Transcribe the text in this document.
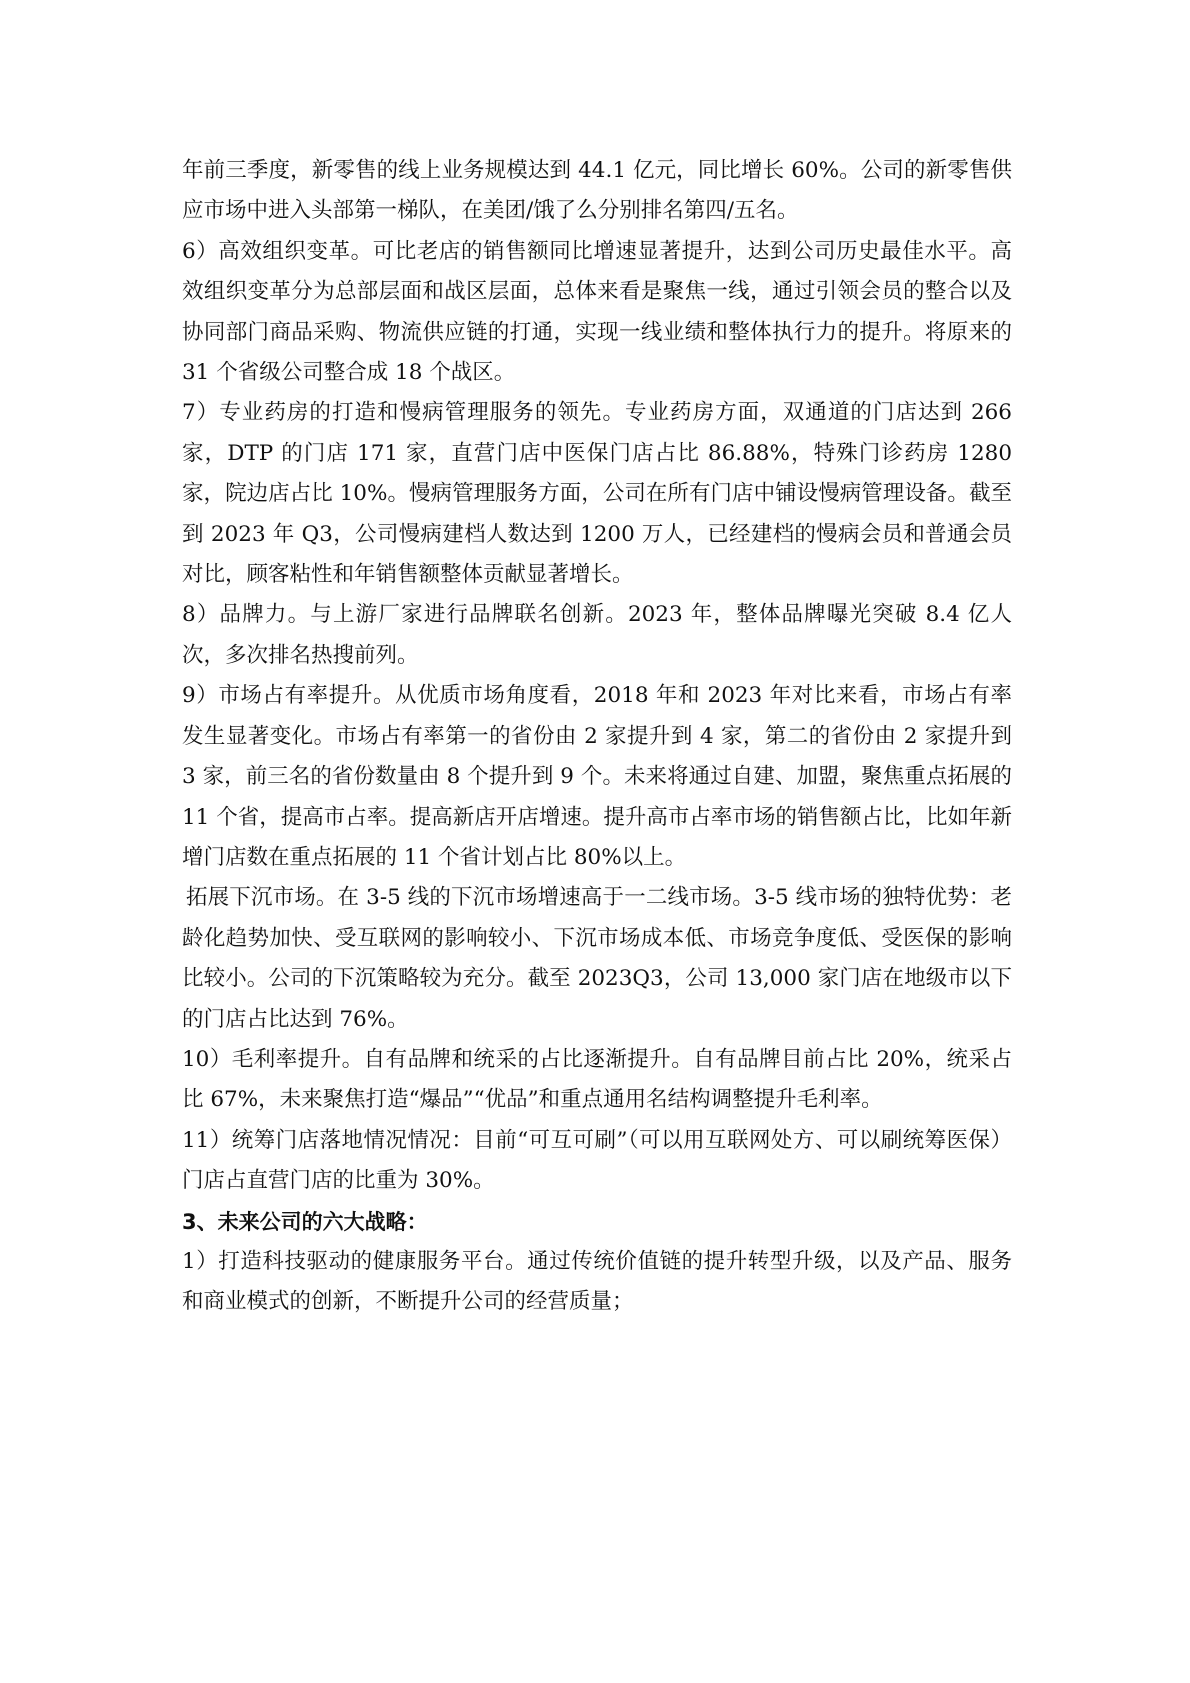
年前三季度，新零售的线上业务规模达到 44.1 亿元，同比增长 60%。公司的新零售供应市场中进入头部第一梯队，在美团/饿了么分别排名第四/五名。

6）高效组织变革。可比老店的销售额同比增速显著提升，达到公司历史最佳水平。高效组织变革分为总部层面和战区层面，总体来看是聚焦一线，通过引领会员的整合以及协同部门商品采购、物流供应链的打通，实现一线业绩和整体执行力的提升。将原来的 31 个省级公司整合成 18 个战区。

7）专业药房的打造和慢病管理服务的领先。专业药房方面，双通道的门店达到 266 家，DTP 的门店 171 家，直营门店中医保门店占比 86.88%，特殊门诊药房 1280 家，院边店占比 10%。慢病管理服务方面，公司在所有门店中铺设慢病管理设备。截至到 2023 年 Q3，公司慢病建档人数达到 1200 万人，已经建档的慢病会员和普通会员对比，顾客粘性和年销售额整体贡献显著增长。

8）品牌力。与上游厂家进行品牌联名创新。2023 年，整体品牌曝光突破 8.4 亿人次，多次排名热搜前列。

9）市场占有率提升。从优质市场角度看，2018 年和 2023 年对比来看，市场占有率发生显著变化。市场占有率第一的省份由 2 家提升到 4 家，第二的省份由 2 家提升到 3 家，前三名的省份数量由 8 个提升到 9 个。未来将通过自建、加盟，聚焦重点拓展的 11 个省，提高市占率。提高新店开店增速。提升高市占率市场的销售额占比，比如年新增门店数在重点拓展的 11 个省计划占比 80%以上。

拓展下沉市场。在 3-5 线的下沉市场增速高于一二线市场。3-5 线市场的独特优势：老龄化趋势加快、受互联网的影响较小、下沉市场成本低、市场竞争度低、受医保的影响比较小。公司的下沉策略较为充分。截至 2023Q3，公司 13,000 家门店在地级市以下的门店占比达到 76%。

10）毛利率提升。自有品牌和统采的占比逐渐提升。自有品牌目前占比 20%，统采占比 67%，未来聚焦打造“爆品”“优品”和重点通用名结构调整提升毛利率。

11）统筹门店落地情况情况：目前“可互可刷”（可以用互联网处方、可以刷统筹医保）门店占直营门店的比重为 30%。

3、未来公司的六大战略：

1）打造科技驱动的健康服务平台。通过传统价值链的提升转型升级，以及产品、服务和商业模式的创新，不断提升公司的经营质量；
